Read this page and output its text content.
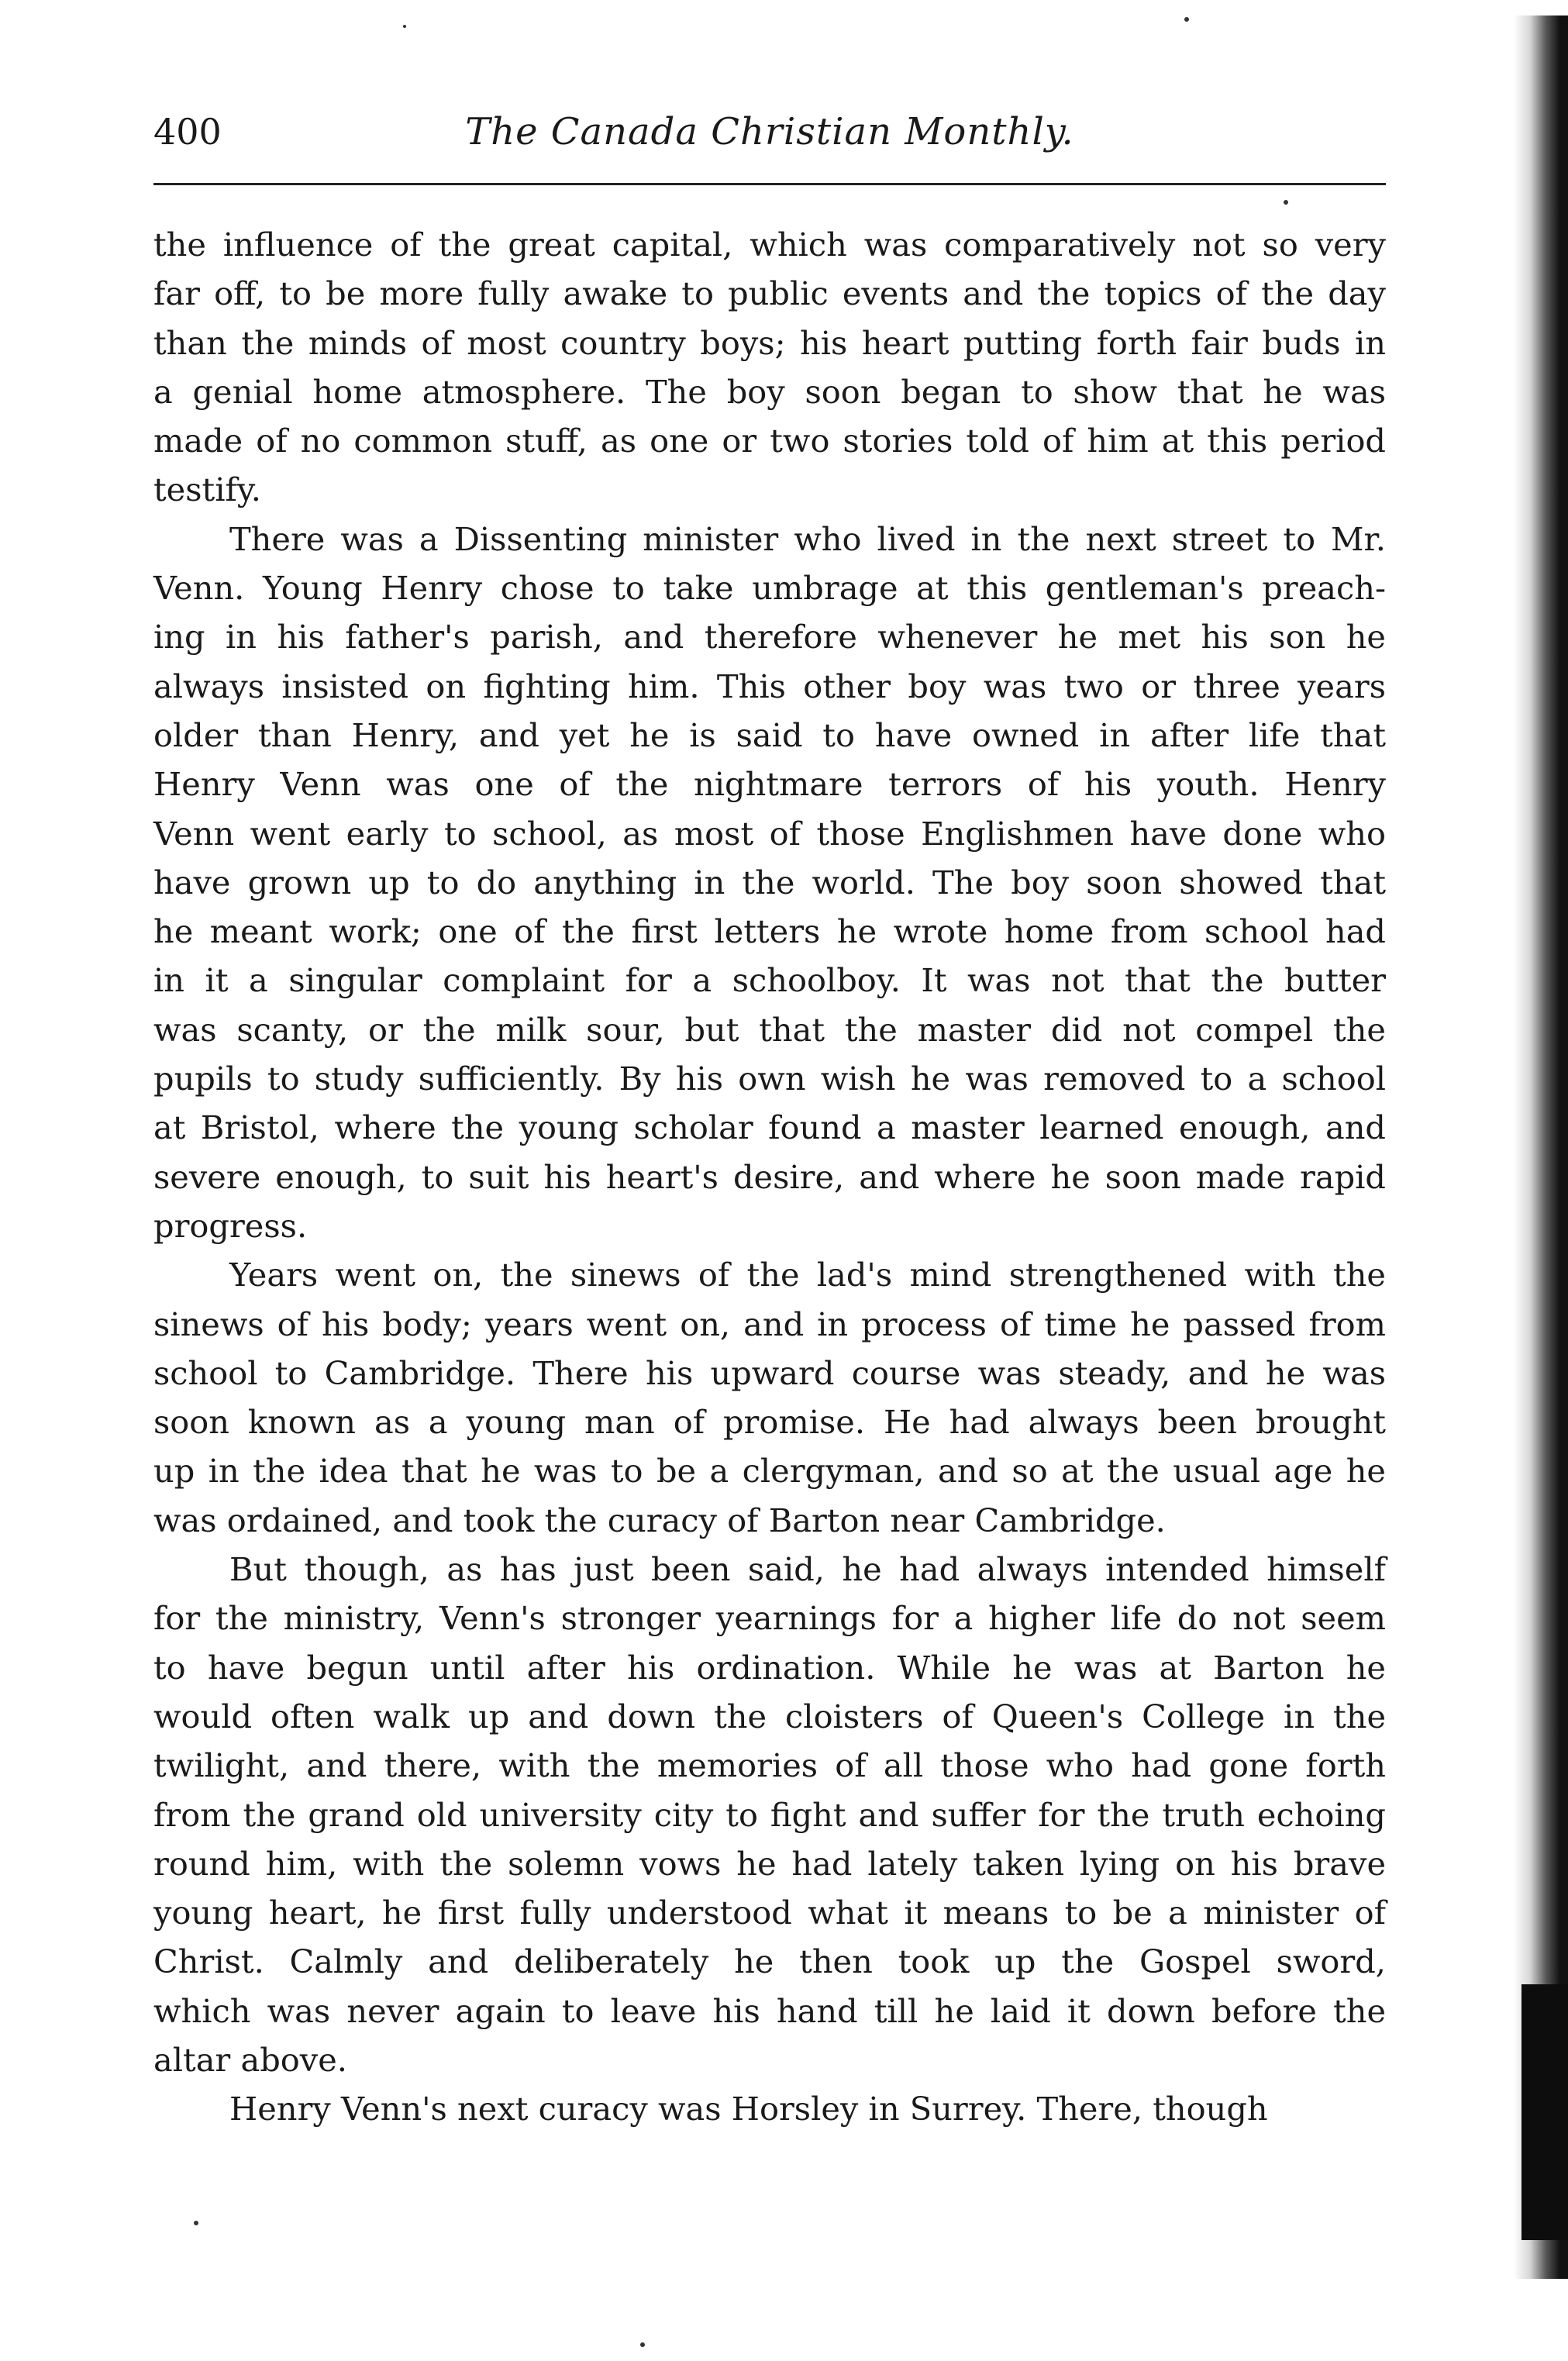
400	The Canada Christian Monthly.
the influence of the great capital, which was comparatively not so very
far off, to be more fully awake to public events and the topics of the day
than the minds of most country boys; his heart putting forth fair buds in
a genial home atmosphere. The boy soon began to show that he was
made of no common stuff, as one or two stories told of him at this period
testify.
There was a Dissenting minister who lived in the next street to Mr.
Venn. Young Henry chose to take umbrage at this gentleman's preach-
ing in his father's parish, and therefore whenever he met his son he
always insisted on fighting him. This other boy was two or three years
older than Henry, and yet he is said to have owned in after life that
Henry Venn was one of the nightmare terrors of his youth. Henry
Venn went early to school, as most of those Englishmen have done who
have grown up to do anything in the world. The boy soon showed that
he meant work; one of the first letters he wrote home from school had
in it a singular complaint for a schoolboy. It was not that the butter
was scanty, or the milk sour, but that the master did not compel the
pupils to study sufficiently. By his own wish he was removed to a school
at Bristol, where the young scholar found a master learned enough, and
severe enough, to suit his heart's desire, and where he soon made rapid
progress.
Years went on, the sinews of the lad's mind strengthened with the
sinews of his body; years went on, and in process of time he passed from
school to Cambridge. There his upward course was steady, and he was
soon known as a young man of promise. He had always been brought
up in the idea that he was to be a clergyman, and so at the usual age he
was ordained, and took the curacy of Barton near Cambridge.
But though, as has just been said, he had always intended himself
for the ministry, Venn's stronger yearnings for a higher life do not seem
to have begun until after his ordination. While he was at Barton he
would often walk up and down the cloisters of Queen's College in the
twilight, and there, with the memories of all those who had gone forth
from the grand old university city to fight and suffer for the truth echoing
round him, with the solemn vows he had lately taken lying on his brave
young heart, he first fully understood what it means to be a minister of
Christ. Calmly and deliberately he then took up the Gospel sword,
which was never again to leave his hand till he laid it down before the
altar above.
Henry Venn's next curacy was Horsley in Surrey. There, though
